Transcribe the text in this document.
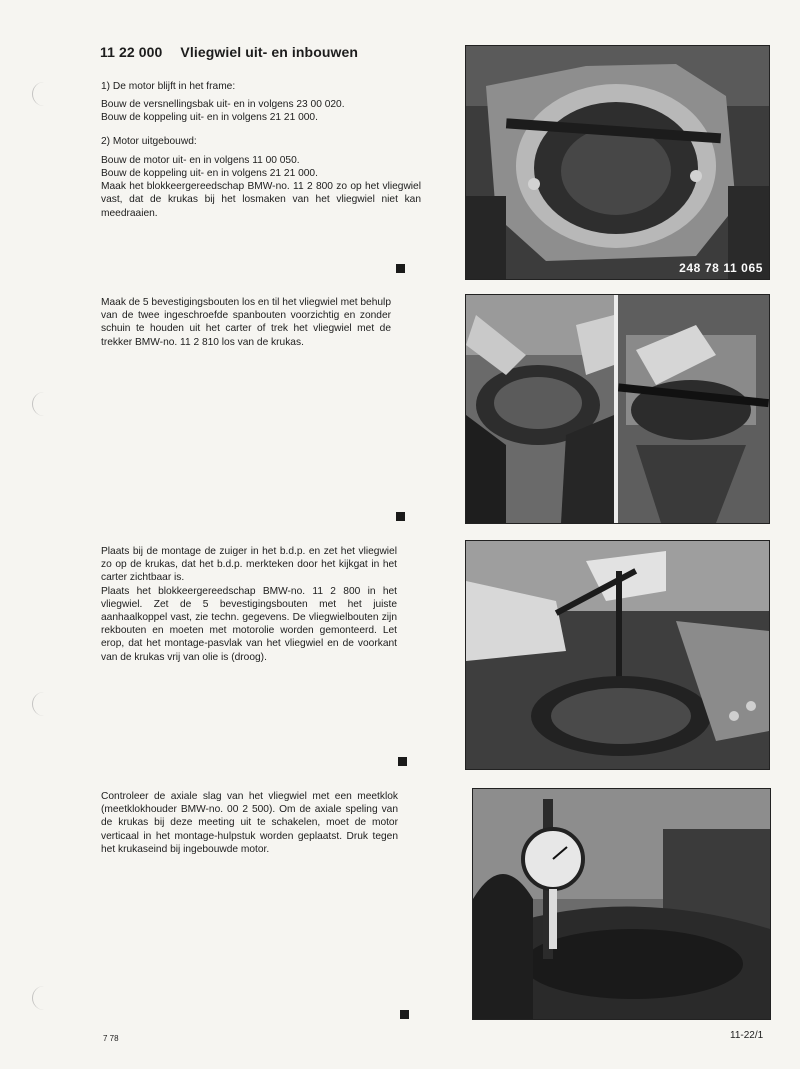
11 22 000 Vliegwiel uit- en inbouwen

1) De motor blijft in het frame:

Bouw de versnellingsbak uit- en in volgens 23 00 020.

Bouw de koppeling uit- en in volgens 21 21 000.

2) Motor uitgebouwd:

Bouw de motor uit- en in volgens 11 00 050.

Bouw de koppeling uit- en in volgens 21 21 000.

Maak het blokkeergereedschap BMW-no. 11 2 800 zo op het vliegwiel vast, dat de krukas bij het losmaken van het vliegwiel niet kan meedraaien.

248 78 11 065

Maak de 5 bevestigingsbouten los en til het vliegwiel met behulp van de twee ingeschroefde spanbouten voorzichtig en zonder schuin te houden uit het carter of trek het vliegwiel met de trekker BMW-no. 11 2 810 los van de krukas.

Plaats bij de montage de zuiger in het b.d.p. en zet het vliegwiel zo op de krukas, dat het b.d.p. merkteken door het kijkgat in het carter zichtbaar is.

Plaats het blokkeergereedschap BMW-no. 11 2 800 in het vliegwiel. Zet de 5 bevestigingsbouten met het juiste aanhaalkoppel vast, zie techn. gegevens. De vliegwielbouten zijn rekbouten en moeten met motorolie worden gemonteerd. Let erop, dat het montage-pasvlak van het vliegwiel en de voorkant van de krukas vrij van olie is (droog).

Controleer de axiale slag van het vliegwiel met een meetklok (meetklokhouder BMW-no. 00 2 500). Om de axiale speling van de krukas bij deze meeting uit te schakelen, moet de motor verticaal in het montage-hulpstuk worden geplaatst. Druk tegen het krukaseind bij ingebouwde motor.

7 78	11-22/1
